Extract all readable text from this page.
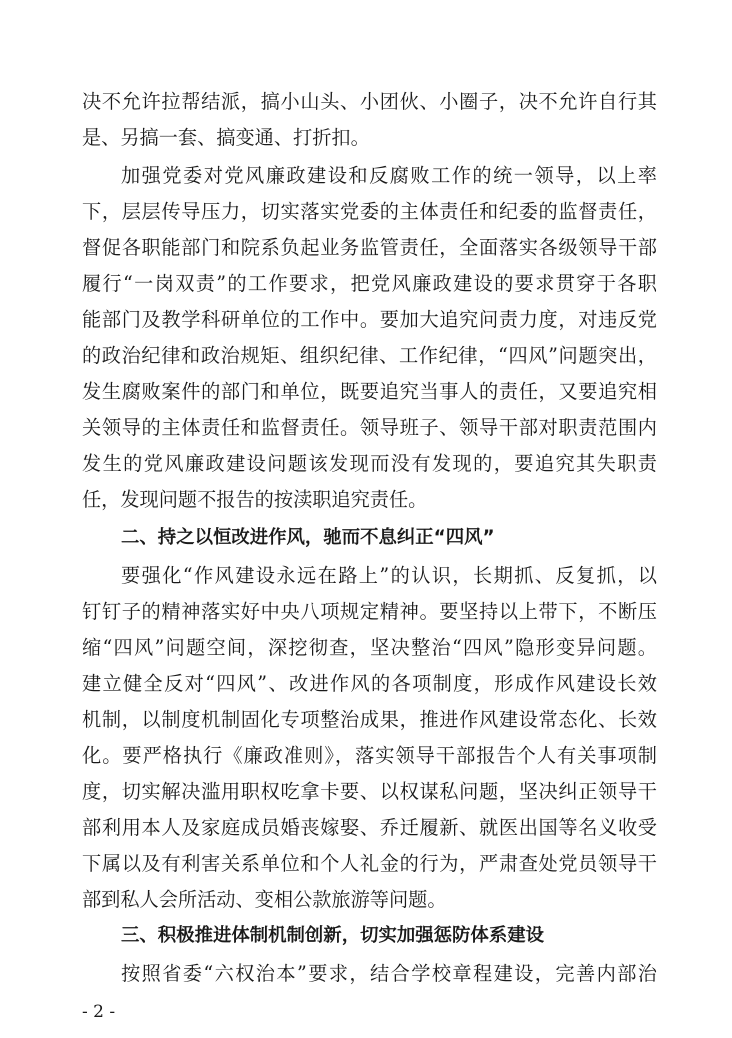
决不允许拉帮结派，搞小山头、小团伙、小圈子，决不允许自行其
是、另搞一套、搞变通、打折扣。
加强党委对党风廉政建设和反腐败工作的统一领导，以上率
下，层层传导压力，切实落实党委的主体责任和纪委的监督责任，
督促各职能部门和院系负起业务监管责任，全面落实各级领导干部
履行“一岗双责”的工作要求，把党风廉政建设的要求贯穿于各职
能部门及教学科研单位的工作中。要加大追究问责力度，对违反党
的政治纪律和政治规矩、组织纪律、工作纪律，“四风”问题突出，
发生腐败案件的部门和单位，既要追究当事人的责任，又要追究相
关领导的主体责任和监督责任。领导班子、领导干部对职责范围内
发生的党风廉政建设问题该发现而没有发现的，要追究其失职责
任，发现问题不报告的按渎职追究责任。
二、持之以恒改进作风，驰而不息纠正“四风”
要强化“作风建设永远在路上”的认识，长期抓、反复抓，以
钉钉子的精神落实好中央八项规定精神。要坚持以上带下，不断压
缩“四风”问题空间，深挖彻查，坚决整治“四风”隐形变异问题。
建立健全反对“四风”、改进作风的各项制度，形成作风建设长效
机制，以制度机制固化专项整治成果，推进作风建设常态化、长效
化。要严格执行《廉政准则》，落实领导干部报告个人有关事项制
度，切实解决滥用职权吃拿卡要、以权谋私问题，坚决纠正领导干
部利用本人及家庭成员婚丧嫁娶、乔迁履新、就医出国等名义收受
下属以及有利害关系单位和个人礼金的行为，严肃查处党员领导干
部到私人会所活动、变相公款旅游等问题。
三、积极推进体制机制创新，切实加强惩防体系建设
按照省委“六权治本”要求，结合学校章程建设，完善内部治
- 2 -
